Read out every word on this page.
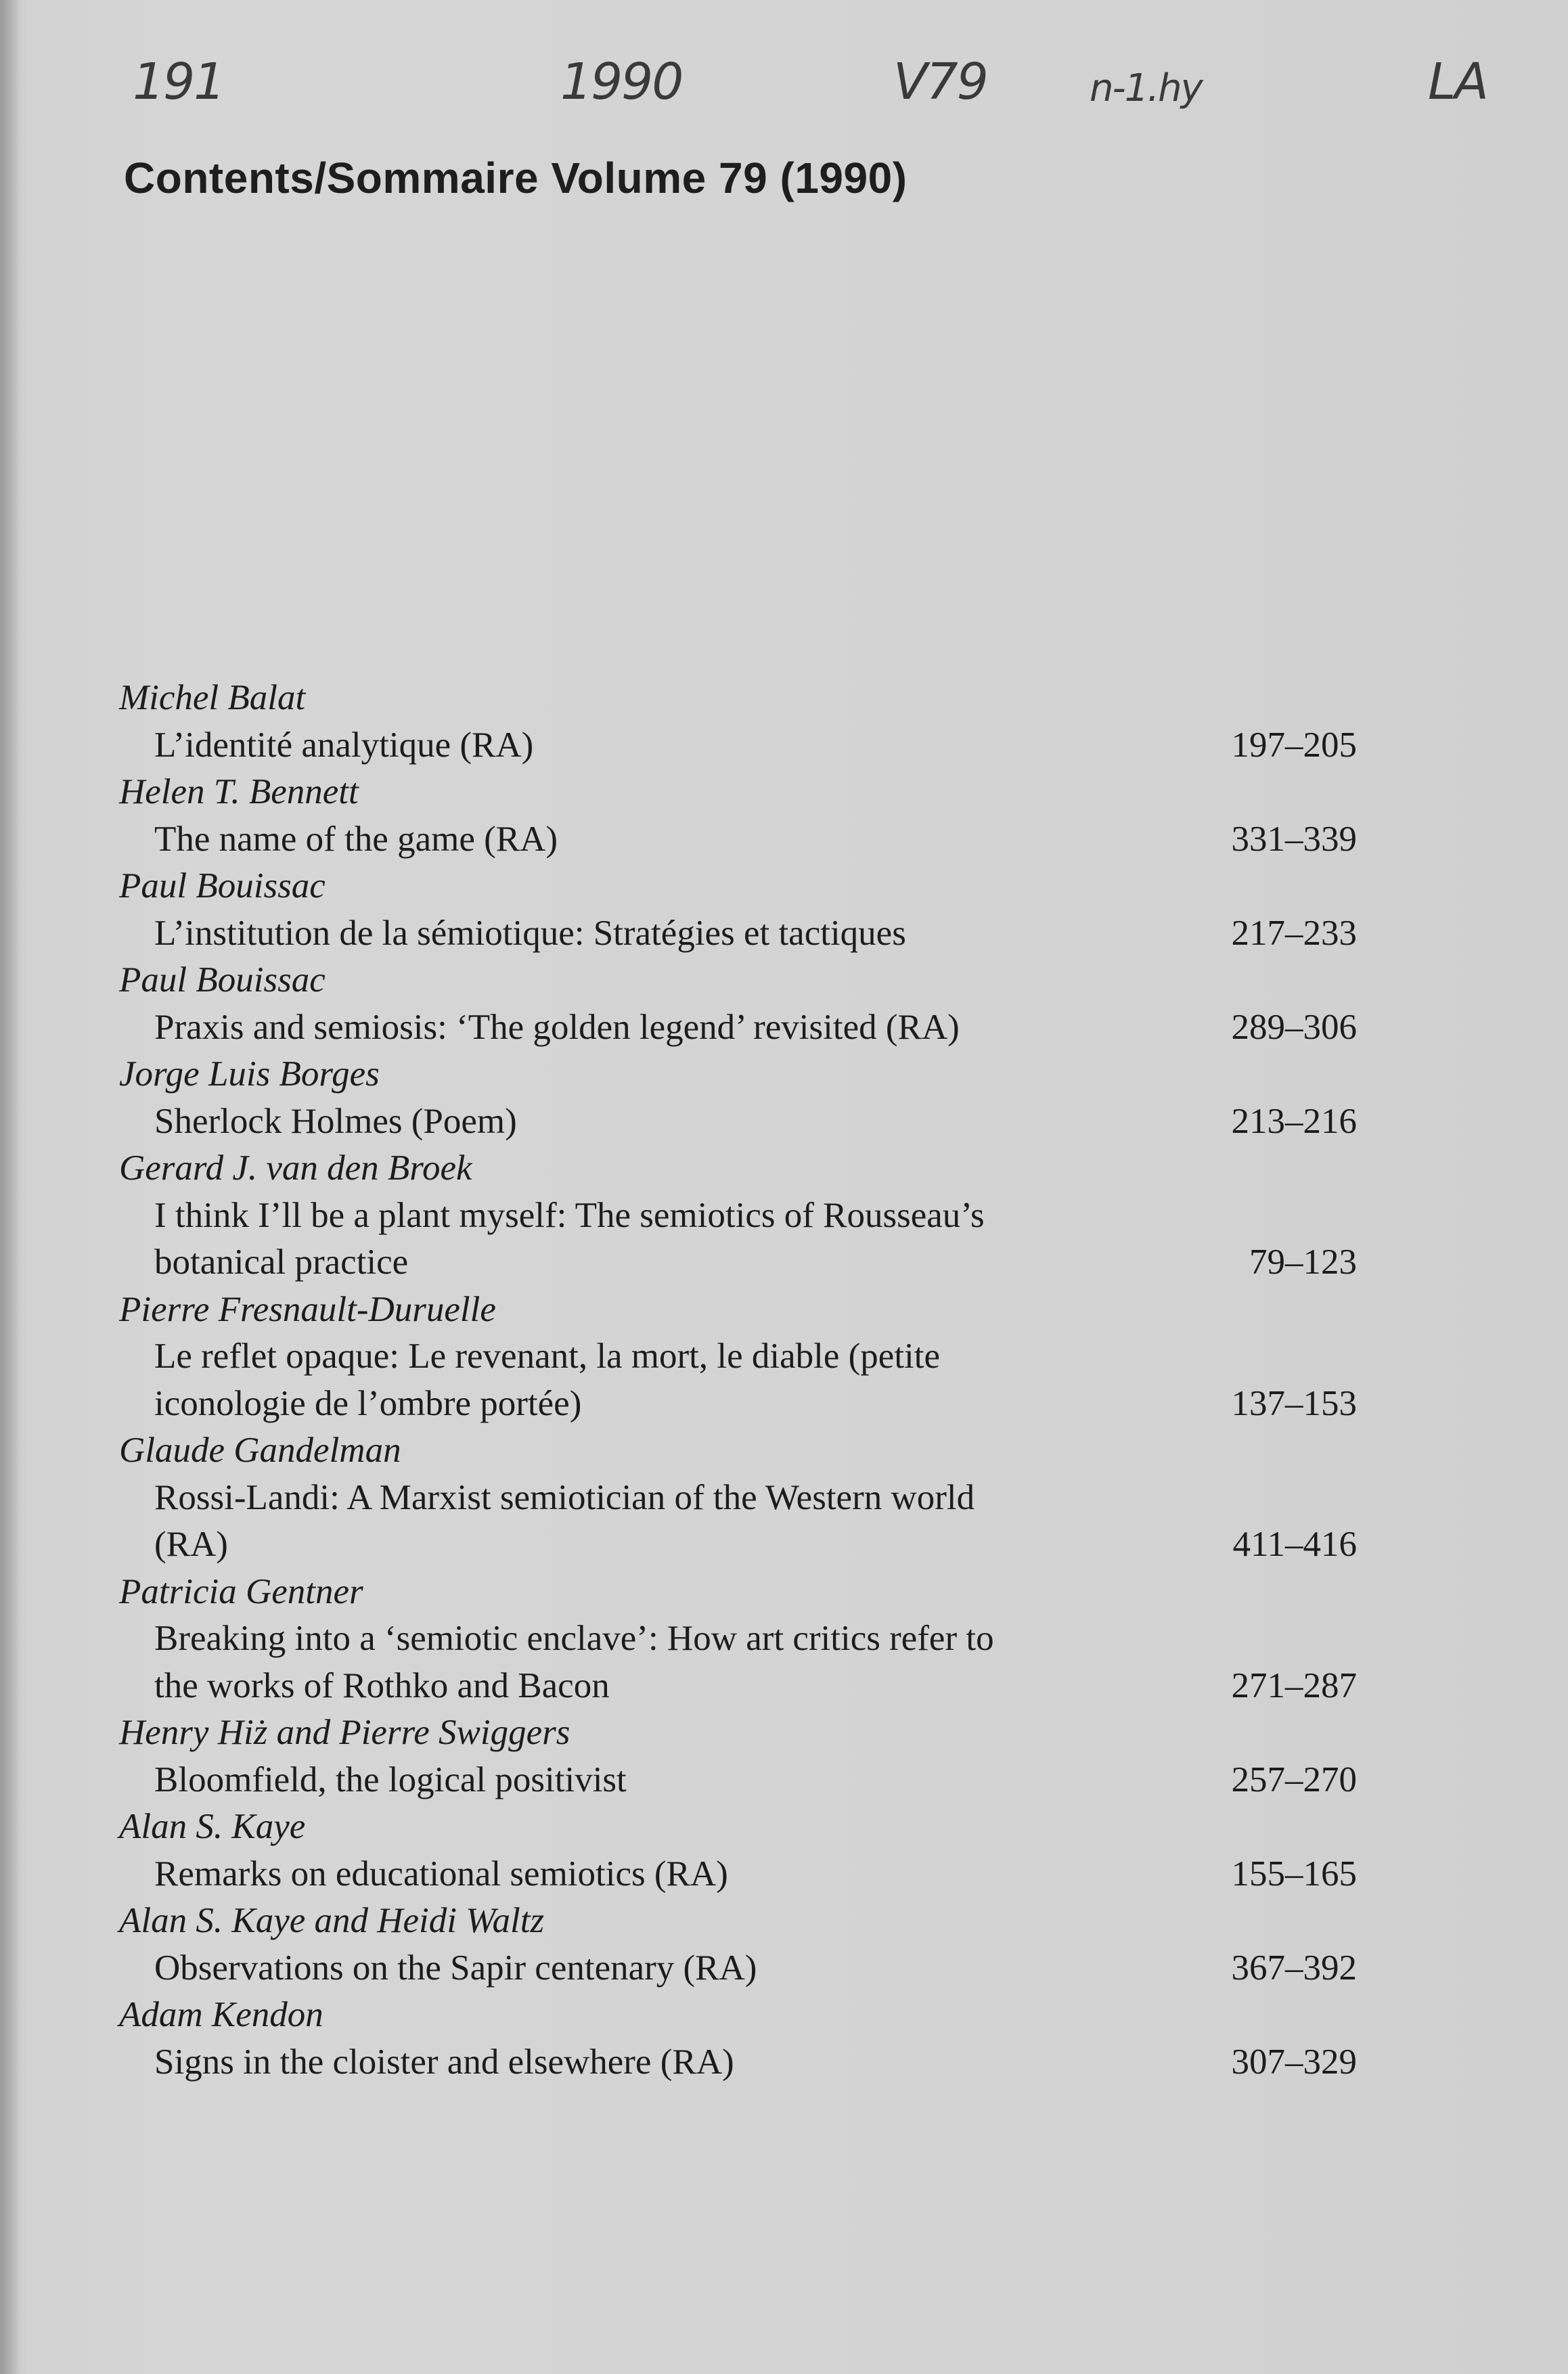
191	1990	V79	n-1.hy	LA
Contents/Sommaire Volume 79 (1990)
Michel Balat
L’identité analytique (RA)	197–205
Helen T. Bennett
The name of the game (RA)	331–339
Paul Bouissac
L’institution de la sémiotique: Stratégies et tactiques	217–233
Paul Bouissac
Praxis and semiosis: ‘The golden legend’ revisited (RA)	289–306
Jorge Luis Borges
Sherlock Holmes (Poem)	213–216
Gerard J. van den Broek
I think I’ll be a plant myself: The semiotics of Rousseau’s
botanical practice	79–123
Pierre Fresnault-Duruelle
Le reflet opaque: Le revenant, la mort, le diable (petite
iconologie de l’ombre portée)	137–153
Glaude Gandelman
Rossi-Landi: A Marxist semiotician of the Western world
(RA)	411–416
Patricia Gentner
Breaking into a ‘semiotic enclave’: How art critics refer to
the works of Rothko and Bacon	271–287
Henry Hiż and Pierre Swiggers
Bloomfield, the logical positivist	257–270
Alan S. Kaye
Remarks on educational semiotics (RA)	155–165
Alan S. Kaye and Heidi Waltz
Observations on the Sapir centenary (RA)	367–392
Adam Kendon
Signs in the cloister and elsewhere (RA)	307–329
